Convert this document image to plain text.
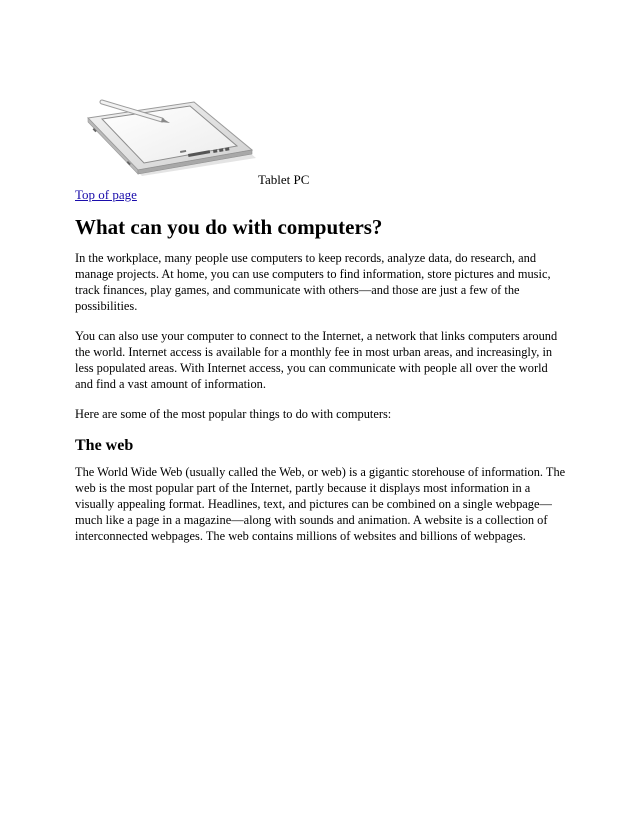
Tablet PC
Top of page
What can you do with computers?

In the workplace, many people use computers to keep records, analyze data, do research, and manage projects. At home, you can use computers to find information, store pictures and music, track finances, play games, and communicate with others—and those are just a few of the possibilities.

You can also use your computer to connect to the Internet, a network that links computers around the world. Internet access is available for a monthly fee in most urban areas, and increasingly, in less populated areas. With Internet access, you can communicate with people all over the world and find a vast amount of information.

Here are some of the most popular things to do with computers:

The web

The World Wide Web (usually called the Web, or web) is a gigantic storehouse of information. The web is the most popular part of the Internet, partly because it displays most information in a visually appealing format. Headlines, text, and pictures can be combined on a single webpage—much like a page in a magazine—along with sounds and animation. A website is a collection of interconnected webpages. The web contains millions of websites and billions of webpages.
